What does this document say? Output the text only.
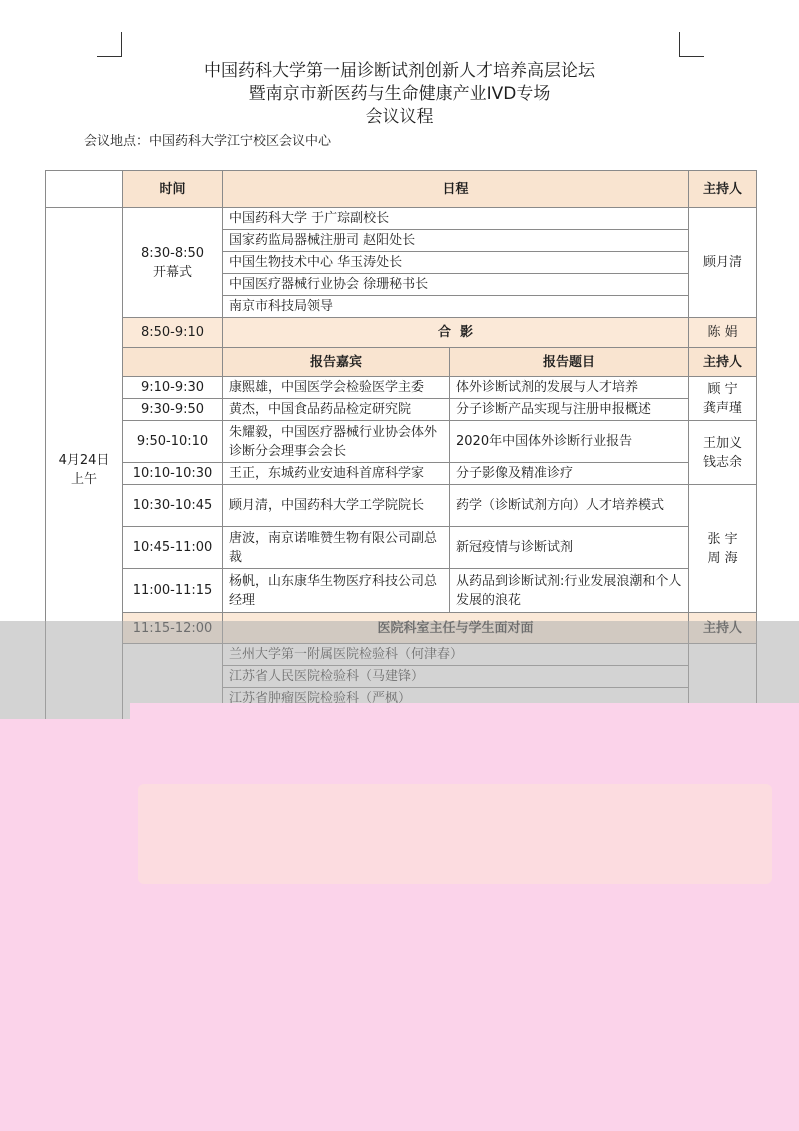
中国药科大学第一届诊断试剂创新人才培养高层论坛
暨南京市新医药与生命健康产业IVD专场
会议议程
会议地点：中国药科大学江宁校区会议中心
	时间	日程		主持人
4月24日
上午	8:30-8:50
开幕式	中国药科大学 于广琮副校长		顾月清
		国家药监局器械注册司 赵阳处长		
		中国生物技术中心 华玉涛处长		
		中国医疗器械行业协会 徐珊秘书长		
		南京市科技局领导		
	8:50-9:10	合  影		陈 娟
		报告嘉宾	报告题目	主持人
	9:10-9:30	康熙雄，中国医学会检验医学主委	体外诊断试剂的发展与人才培养	顾 宁
龚声瑾
	9:30-9:50	黄杰，中国食品药品检定研究院	分子诊断产品实现与注册申报概述	
	9:50-10:10	朱耀毅，中国医疗器械行业协会体外诊断分会理事会会长	2020年中国体外诊断行业报告	王加义
钱志余
	10:10-10:30	王正，东城药业安迪科首席科学家	分子影像及精准诊疗	
	10:30-10:45	顾月清，中国药科大学工学院院长	药学（诊断试剂方向）人才培养模式	张 宇
周 海
	10:45-11:00	唐波，南京诺唯赞生物有限公司副总裁	新冠疫情与诊断试剂	
	11:00-11:15	杨帆，山东康华生物医疗科技公司总经理	从药品到诊断试剂:行业发展浪潮和个人发展的浪花	
